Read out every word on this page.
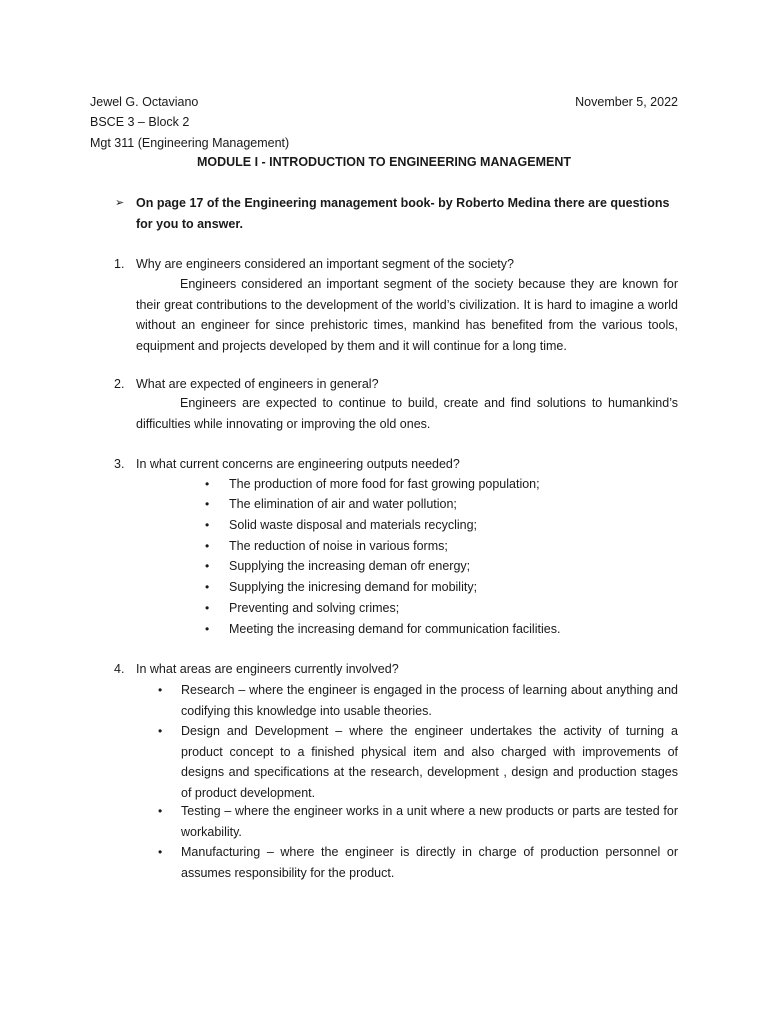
Jewel G. Octaviano	November 5, 2022
BSCE 3 – Block 2
Mgt 311 (Engineering Management)
MODULE I - INTRODUCTION TO ENGINEERING MANAGEMENT
➢ On page 17 of the Engineering management book- by Roberto Medina there are questions for you to answer.
1. Why are engineers considered an important segment of the society?
Engineers considered an important segment of the society because they are known for their great contributions to the development of the world’s civilization. It is hard to imagine a world without an engineer for since prehistoric times, mankind has benefited from the various tools, equipment and projects developed by them and it will continue for a long time.
2. What are expected of engineers in general?
Engineers are expected to continue to build, create and find solutions to humankind’s difficulties while innovating or improving the old ones.
3. In what current concerns are engineering outputs needed?
• The production of more food for fast growing population;
• The elimination of air and water pollution;
• Solid waste disposal and materials recycling;
• The reduction of noise in various forms;
• Supplying the increasing deman ofr energy;
• Supplying the inicresing demand for mobility;
• Preventing and solving crimes;
• Meeting the increasing demand for communication facilities.
4. In what areas are engineers currently involved?
• Research – where the engineer is engaged in the process of learning about anything and codifying this knowledge into usable theories.
• Design and Development – where the engineer undertakes the activity of turning a product concept to a finished physical item and also charged with improvements of designs and specifications at the research, development , design and production stages of product development.
• Testing – where the engineer works in a unit where a new products or parts are tested for workability.
• Manufacturing – where the engineer is directly in charge of production personnel or assumes responsibility for the product.
